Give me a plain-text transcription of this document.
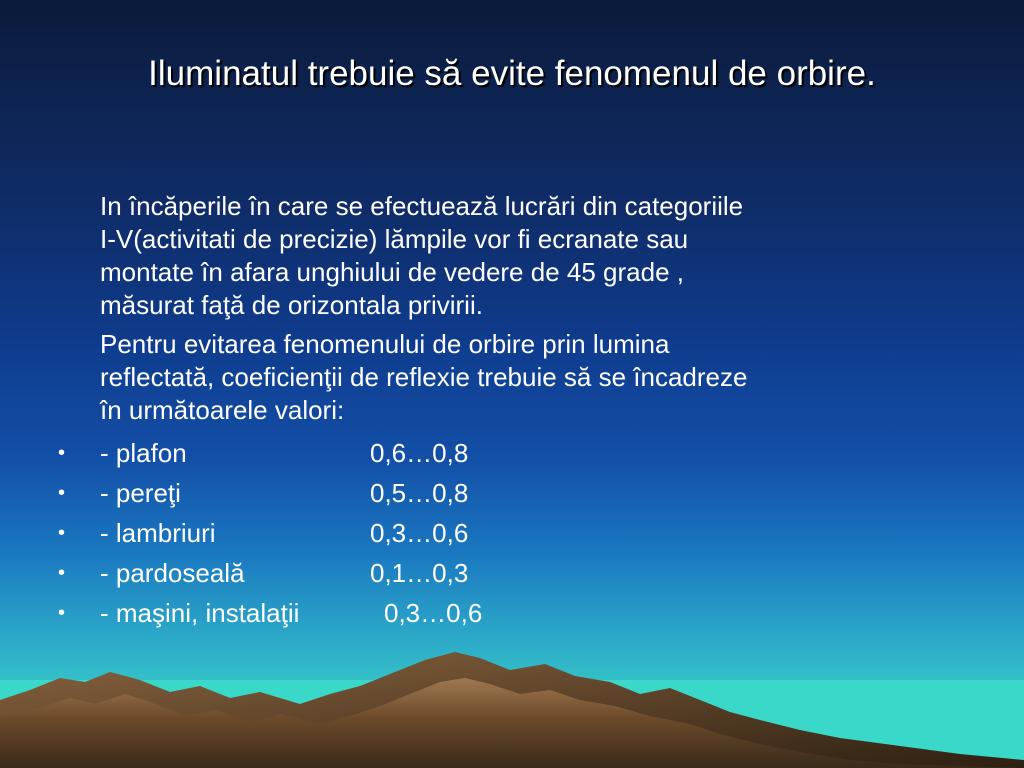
Iluminatul trebuie să evite fenomenul de orbire.
In încăperile în care se efectuează lucrări din categoriile
I-V(activitati de precizie) lămpile vor fi ecranate sau
montate în afara unghiului de vedere de 45 grade ,
măsurat faţă de orizontala privirii.
Pentru evitarea fenomenului de orbire prin lumina
reflectată, coeficienţii de reflexie trebuie să se încadreze
în următoarele valori:
•	- plafon	0,6…0,8
•	- pereţi	0,5…0,8
•	- lambriuri	0,3…0,6
•	- pardoseală	0,1…0,3
•	- maşini, instalaţii	0,3…0,6
